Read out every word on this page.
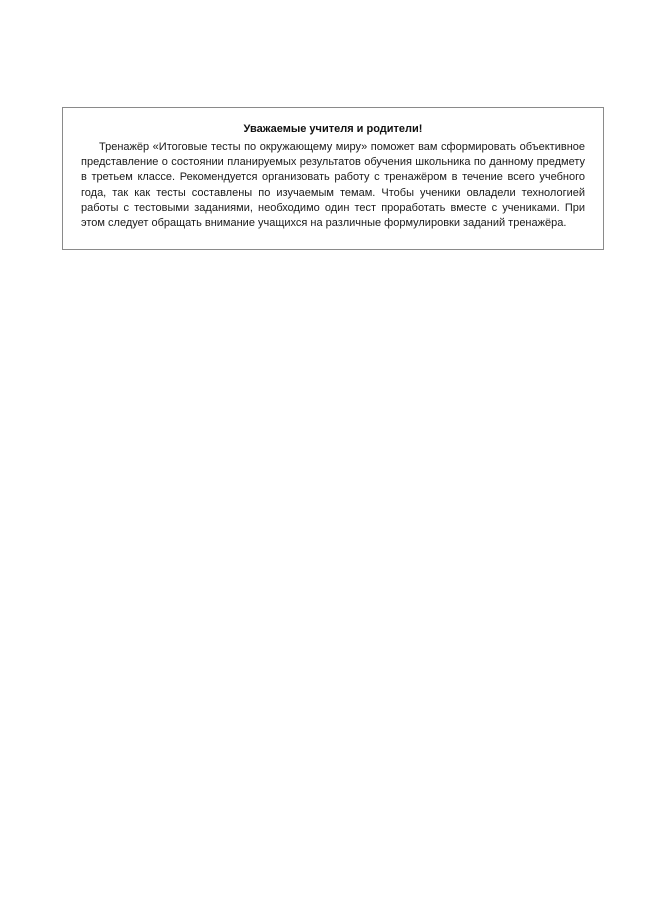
Уважаемые учителя и родители!

Тренажёр «Итоговые тесты по окружающему миру» поможет вам сформировать объективное представление о состоянии планируемых результатов обучения школьника по данному предмету в третьем классе. Рекомендуется организовать работу с тренажёром в течение всего учебного года, так как тесты составлены по изучаемым темам. Чтобы ученики овладели технологией работы с тестовыми заданиями, необходимо один тест проработать вместе с учениками. При этом следует обращать внимание учащихся на различные формулировки заданий тренажёра.
